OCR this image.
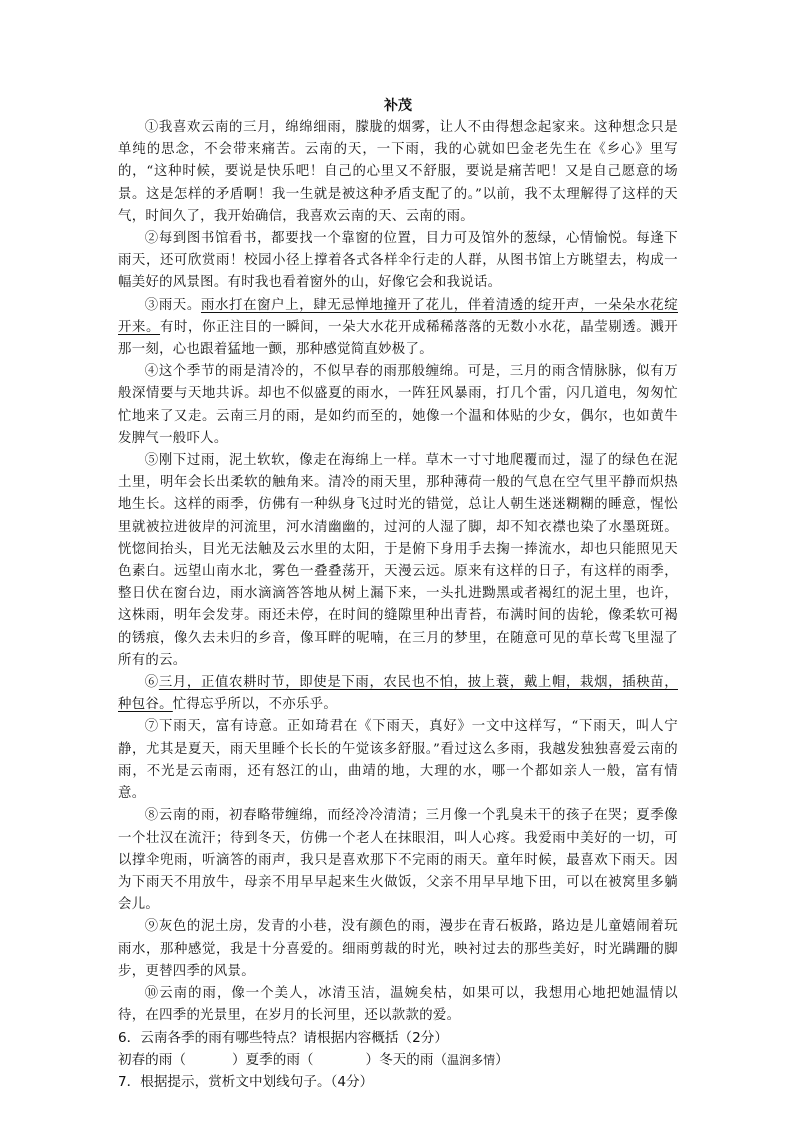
补茂

①我喜欢云南的三月，绵绵细雨，朦胧的烟雾，让人不由得想念起家来。这种想念只是单纯的思念，不会带来痛苦。云南的天，一下雨，我的心就如巴金老先生在《乡心》里写的，“这种时候，要说是快乐吧！自己的心里又不舒服，要说是痛苦吧！又是自己愿意的场景。这是怎样的矛盾啊！我一生就是被这种矛盾支配了的。”以前，我不太理解得了这样的天气，时间久了，我开始确信，我喜欢云南的天、云南的雨。

②每到图书馆看书，都要找一个靠窗的位置，目力可及馆外的葱绿，心情愉悦。每逢下雨天，还可欣赏雨！校园小径上撑着各式各样伞行走的人群，从图书馆上方眺望去，构成一幅美好的风景图。有时我也看着窗外的山，好像它会和我说话。

③雨天。雨水打在窗户上，肆无忌惮地撞开了花儿，伴着清透的绽开声，一朵朵水花绽开来。有时，你正注目的一瞬间，一朵大水花开成稀稀落落的无数小水花，晶莹剔透。溅开那一刻，心也跟着猛地一颤，那种感觉简直妙极了。

④这个季节的雨是清冷的，不似早春的雨那般缠绵。可是，三月的雨含情脉脉，似有万般深情要与天地共诉。却也不似盛夏的雨水，一阵狂风暴雨，打几个雷，闪几道电，匆匆忙忙地来了又走。云南三月的雨，是如约而至的，她像一个温和体贴的少女，偶尔，也如黄牛发脾气一般吓人。

⑤刚下过雨，泥土软软，像走在海绵上一样。草木一寸寸地爬覆而过，湿了的绿色在泥土里，明年会长出柔软的触角来。清冷的雨天里，那种薄荷一般的气息在空气里平静而炽热地生长。这样的雨季，仿佛有一种纵身飞过时光的错觉，总让人朝生迷迷糊糊的睡意，惺忪里就被拉进彼岸的河流里，河水清幽幽的，过河的人湿了脚，却不知衣襟也染了水墨斑斑。恍惚间抬头，目光无法触及云水里的太阳，于是俯下身用手去掬一捧流水，却也只能照见天色素白。远望山南水北，雾色一叠叠荡开，天漫云远。原来有这样的日子，有这样的雨季，整日伏在窗台边，雨水滴滴答答地从树上漏下来，一头扎进黝黑或者褐红的泥土里，也许，这株雨，明年会发芽。雨还未停，在时间的缝隙里种出青苔，布满时间的齿轮，像柔软可褐的锈痕，像久去未归的乡音，像耳畔的呢喃，在三月的梦里，在随意可见的草长莺飞里湿了所有的云。

⑥三月，正值农耕时节，即使是下雨，农民也不怕，披上蓑，戴上帽，栽烟，插秧苗，种包谷。忙得忘乎所以，不亦乐乎。

⑦下雨天，富有诗意。正如琦君在《下雨天，真好》一文中这样写，“下雨天，叫人宁静，尤其是夏天，雨天里睡个长长的午觉该多舒服。”看过这么多雨，我越发独独喜爱云南的雨，不光是云南雨，还有怒江的山，曲靖的地，大理的水，哪一个都如亲人一般，富有情意。

⑧云南的雨，初春略带缠绵，而经冷冷清清；三月像一个乳臭未干的孩子在哭；夏季像一个壮汉在流汗；待到冬天，仿佛一个老人在抹眼泪，叫人心疼。我爱雨中美好的一切，可以撑伞兜雨，听滴答的雨声，我只是喜欢那下不完雨的雨天。童年时候，最喜欢下雨天。因为下雨天不用放牛，母亲不用早早起来生火做饭，父亲不用早早地下田，可以在被窝里多躺会儿。

⑨灰色的泥土房，发青的小巷，没有颜色的雨，漫步在青石板路，路边是儿童嬉闹着玩雨水，那种感觉，我是十分喜爱的。细雨剪裁的时光，映衬过去的那些美好，时光蹒跚的脚步，更替四季的风景。

⑩云南的雨，像一个美人，冰清玉洁，温婉矣枯，如果可以，我想用心地把她温情以待，在四季的光景里，在岁月的长河里，还以款款的爱。

6．云南各季的雨有哪些特点？请根据内容概括（2分）

初春的雨（	）夏季的雨（	）冬天的雨（温润多情）

7．根据提示，赏析文中划线句子。（4分）
